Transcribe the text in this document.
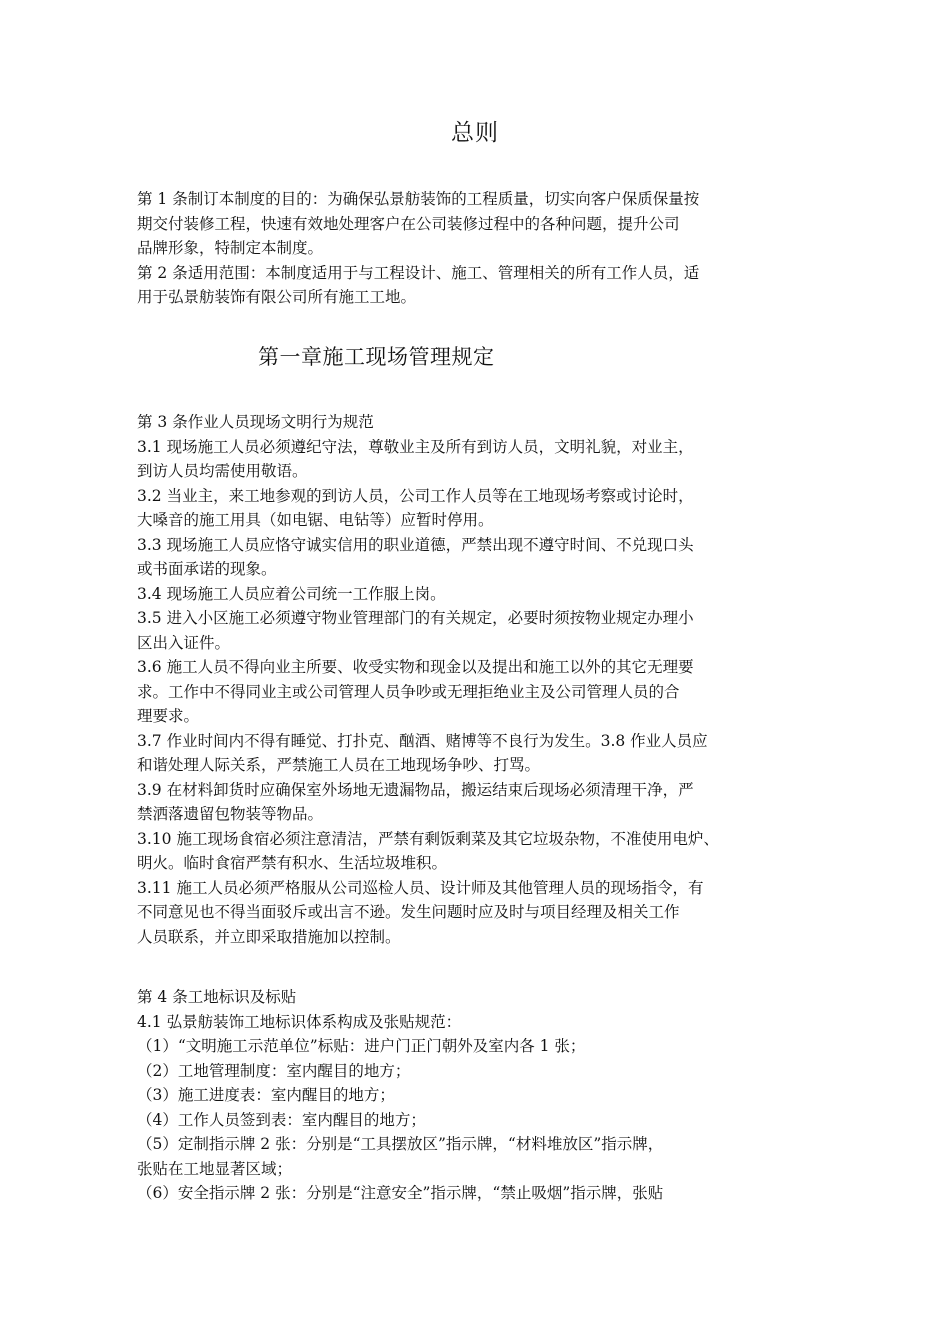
总则

第 1 条制订本制度的目的：为确保弘景舫装饰的工程质量，切实向客户保质保量按

期交付装修工程，快速有效地处理客户在公司装修过程中的各种问题，提升公司

品牌形象，特制定本制度。

第 2 条适用范围：本制度适用于与工程设计、施工、管理相关的所有工作人员，适

用于弘景舫装饰有限公司所有施工工地。

第一章施工现场管理规定

第 3 条作业人员现场文明行为规范

3.1 现场施工人员必须遵纪守法，尊敬业主及所有到访人员，文明礼貌，对业主，

到访人员均需使用敬语。

3.2 当业主，来工地参观的到访人员，公司工作人员等在工地现场考察或讨论时，

大嗓音的施工用具（如电锯、电钻等）应暂时停用。

3.3 现场施工人员应恪守诚实信用的职业道德，严禁出现不遵守时间、不兑现口头

或书面承诺的现象。

3.4 现场施工人员应着公司统一工作服上岗。

3.5 进入小区施工必须遵守物业管理部门的有关规定，必要时须按物业规定办理小

区出入证件。

3.6 施工人员不得向业主所要、收受实物和现金以及提出和施工以外的其它无理要

求。工作中不得同业主或公司管理人员争吵或无理拒绝业主及公司管理人员的合

理要求。

3.7 作业时间内不得有睡觉、打扑克、酗酒、赌博等不良行为发生。3.8 作业人员应

和谐处理人际关系，严禁施工人员在工地现场争吵、打骂。

3.9 在材料卸货时应确保室外场地无遗漏物品，搬运结束后现场必须清理干净，严

禁洒落遗留包物装等物品。

3.10 施工现场食宿必须注意清洁，严禁有剩饭剩菜及其它垃圾杂物，不准使用电炉、

明火。临时食宿严禁有积水、生活垃圾堆积。

3.11 施工人员必须严格服从公司巡检人员、设计师及其他管理人员的现场指令，有

不同意见也不得当面驳斥或出言不逊。发生问题时应及时与项目经理及相关工作

人员联系，并立即采取措施加以控制。

第 4 条工地标识及标贴

4.1 弘景舫装饰工地标识体系构成及张贴规范：

（1）“文明施工示范单位”标贴：进户门正门朝外及室内各 1 张；

（2）工地管理制度：室内醒目的地方；

（3）施工进度表：室内醒目的地方；

（4）工作人员签到表：室内醒目的地方；

（5）定制指示牌 2 张：分别是“工具摆放区”指示牌，“材料堆放区”指示牌，

张贴在工地显著区域；

（6）安全指示牌 2 张：分别是“注意安全”指示牌，“禁止吸烟”指示牌，张贴
